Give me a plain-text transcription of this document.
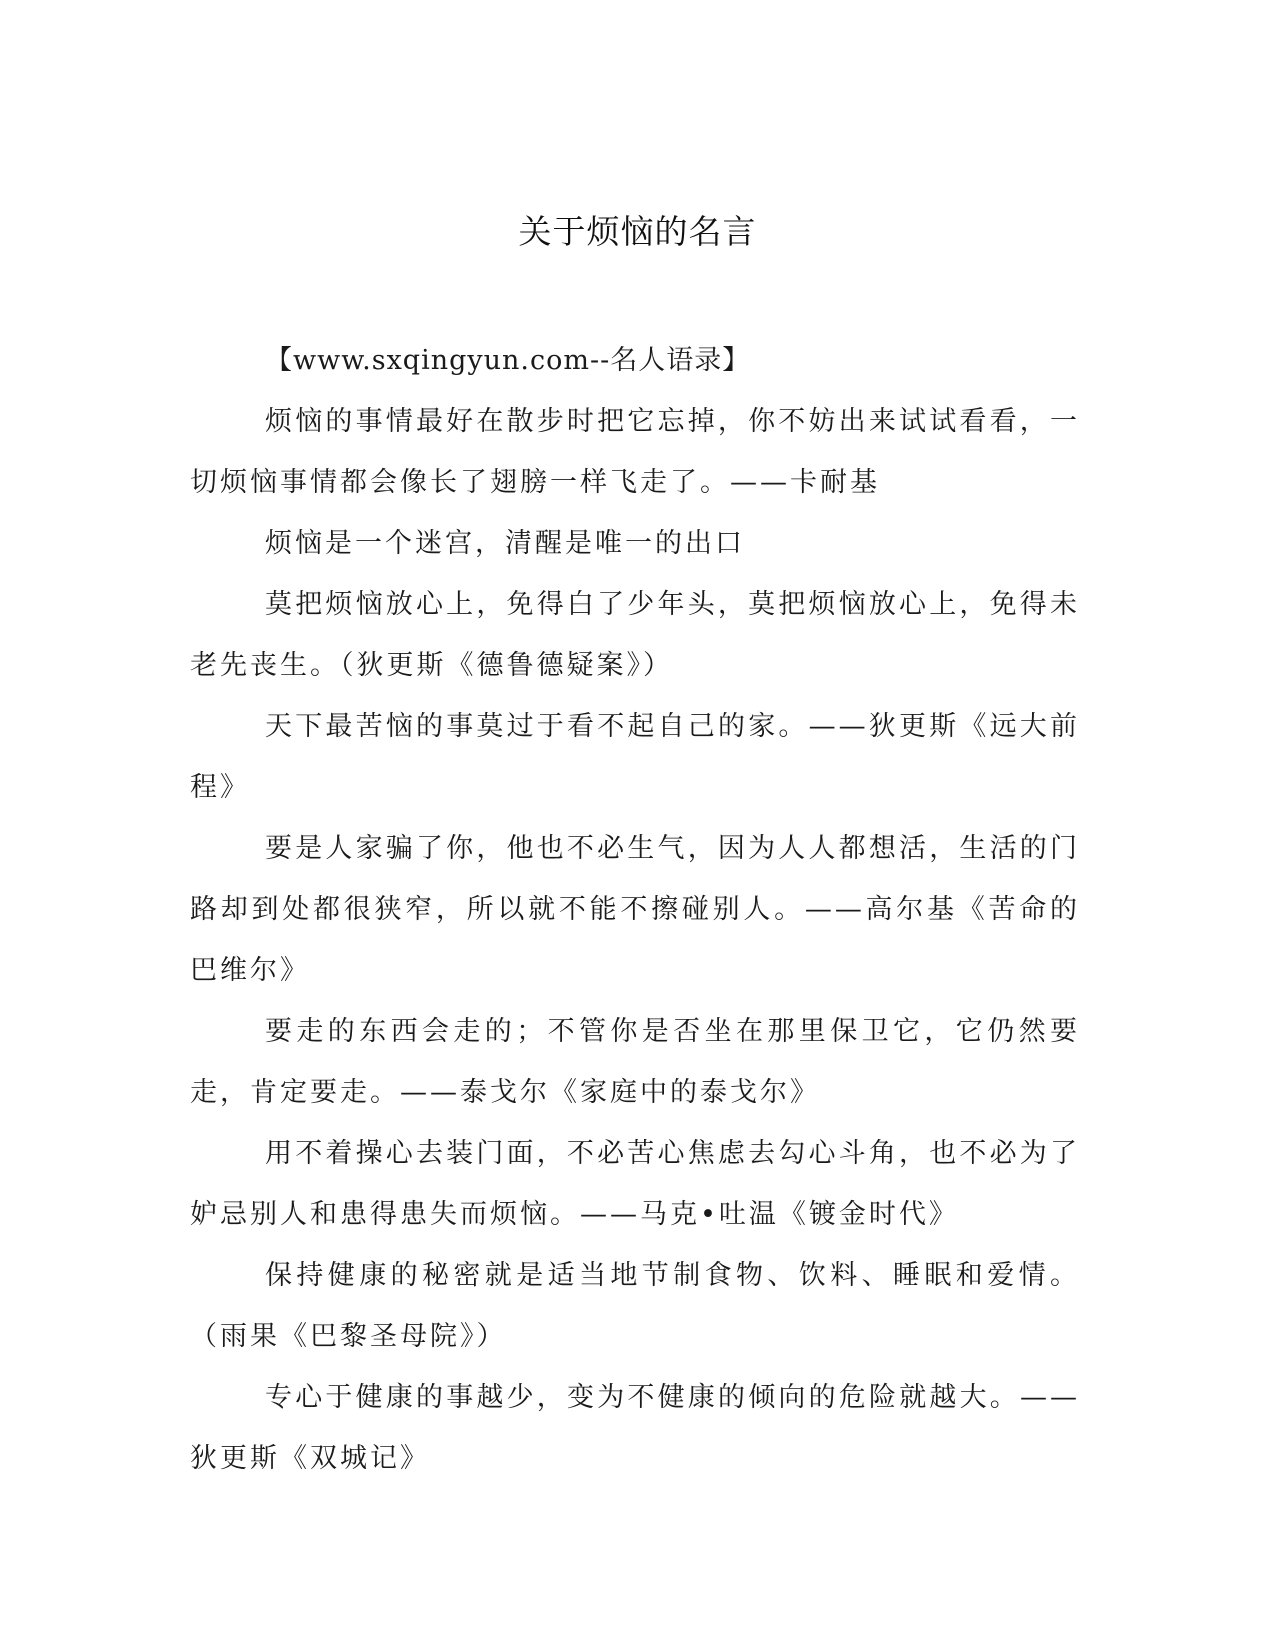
关于烦恼的名言

【www.sxqingyun.com--名人语录】

烦恼的事情最好在散步时把它忘掉，你不妨出来试试看看，一切烦恼事情都会像长了翅膀一样飞走了。——卡耐基

烦恼是一个迷宫，清醒是唯一的出口

莫把烦恼放心上，免得白了少年头，莫把烦恼放心上，免得未老先丧生。（狄更斯《德鲁德疑案》）

天下最苦恼的事莫过于看不起自己的家。——狄更斯《远大前程》

要是人家骗了你，他也不必生气，因为人人都想活，生活的门路却到处都很狭窄，所以就不能不擦碰别人。——高尔基《苦命的巴维尔》

要走的东西会走的；不管你是否坐在那里保卫它，它仍然要走，肯定要走。——泰戈尔《家庭中的泰戈尔》

用不着操心去装门面，不必苦心焦虑去勾心斗角，也不必为了妒忌别人和患得患失而烦恼。——马克•吐温《镀金时代》

保持健康的秘密就是适当地节制食物、饮料、睡眠和爱情。（雨果《巴黎圣母院》）

专心于健康的事越少，变为不健康的倾向的危险就越大。——狄更斯《双城记》
